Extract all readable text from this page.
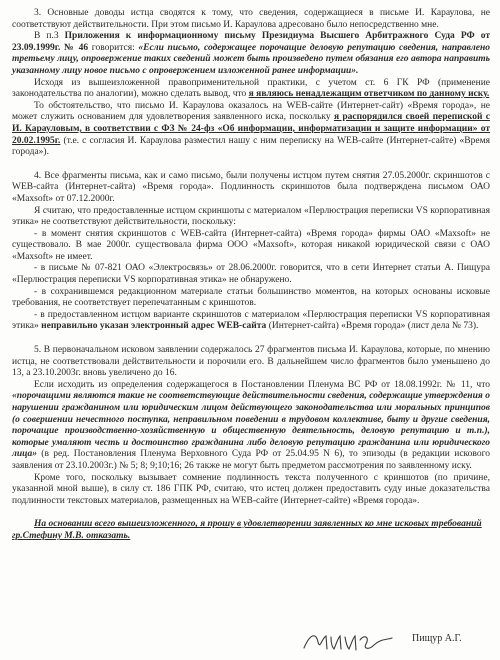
3. Основные доводы истца сводятся к тому, что сведения, содержащиеся в письме И. Караулова, не соответствуют действительности. При этом письмо И. Караулова адресовано было непосредственно мне.

В п.3 Приложения к информационному письму Президиума Высшего Арбитражного Суда РФ от 23.09.1999г. № 46 говорится: «Если письмо, содержащее порочащие деловую репутацию сведения, направлено третьему лицу, опровержение таких сведений может быть произведено путем обязания его автора направить указанному лицу новое письмо с опровержением изложенной ранее информации».

Исходя из вышеизложенной правоприменительной практики, с учетом ст. 6 ГК РФ (применение законодательства по аналогии), можно сделать вывод, что я являюсь ненадлежащим ответчиком по данному иску.

То обстоятельство, что письмо И. Караулова оказалось на WEB-сайте (Интернет-сайт) «Время города», не может служить основанием для удовлетворения заявленного иска, поскольку я распорядился своей перепиской с И. Карауловым, в соответствии с ФЗ № 24-фз «Об информации, информатизации и защите информации» от 20.02.1995г. (т.е. с согласия И. Караулова разместил нашу с ним переписку на WEB-сайте (Интернет-сайте) «Время города»).

4. Все фрагменты письма, как и само письмо, были получены истцом путем снятия 27.05.2000г. скриншотов с WEB-сайта (Интернет-сайта) «Время города». Подлинность скриншотов была подтверждена письмом ОАО «Maxsoft» от 07.12.2000г.

Я считаю, что предоставленные истцом скриншоты с материалом «Перлюстрация переписки VS корпоративная этика» не соответствуют действительности, поскольку:

- в момент снятия скриншотов с WEB-сайта (Интернет-сайта) «Время города» фирмы ОАО «Maxsoft» не существовало. В мае 2000г. существовала фирма ООО «Maxsoft», которая никакой юридической связи с ОАО «Maxsoft» не имеет.

- в письме № 07-821 ОАО «Электросвязь» от 28.06.2000г. говорится, что в сети Интернет статьи А. Пищура «Перлюстрация переписки VS корпоративная этика» не обнаружено.

- в сохранившемся редакционном материале статьи большинство моментов, на которых основаны исковые требования, не соответствует перепечатанным с криншотов.

- в предоставленном истцом варианте скриншотов с материалом «Перлюстрация переписки VS корпоративная этика» неправильно указан электронный адрес WEB-сайта (Интернет-сайта) «Время города» (лист дела № 73).

5. В первоначальном исковом заявлении содержалось 27 фрагментов письма И. Караулова, которые, по мнению истца, не соответствовали действительности и порочили его. В дальнейшем число фрагментов было уменьшено до 13, а 23.10.2003г. вновь увеличено до 16.

Если исходить из определения содержащегося в Постановлении Пленума ВС РФ от 18.08.1992г. № 11, что «порочащими являются такие не соответствующие действительности сведения, содержащие утверждения о нарушении гражданином или юридическим лицом действующего законодательства или моральных принципов (о совершении нечестного поступка, неправильном поведении в трудовом коллективе, быту и другие сведения, порочащие производственно-хозяйственную и общественную деятельность, деловую репутацию и т.п.), которые умаляют честь и достоинство гражданина либо деловую репутацию гражданина или юридического лица» (в ред. Постановления Пленума Верховного Суда РФ от 25.04.95 N 6), то эпизоды (в редакции искового заявления от 23.10.2003г.) № 5; 8; 9;10;16; 26 также не могут быть предметом рассмотрения по заявленному иску.

Кроме того, поскольку вызывает сомнение подлинность текста полученного с криншотов (по причине, указанной мной выше), в силу ст. 186 ГПК РФ, считаю, что истец должен предоставить суду иные доказательства подлинности текстовых материалов, размещенных на WEB-сайте (Интернет-сайте) «Время города».

На основании всего вышеизложенного, я прошу в удовлетворении заявленных ко мне исковых требований гр.Стефину М.В. отказать.

Пищур А.Г.
